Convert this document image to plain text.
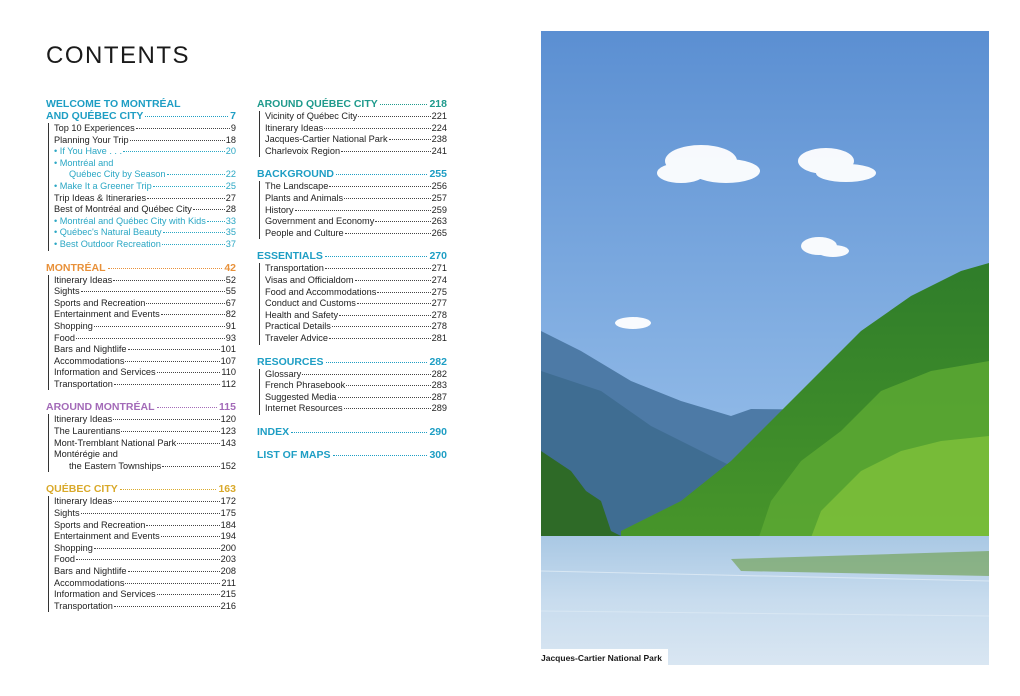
CONTENTS
WELCOME TO MONTRÉAL
AND QUÉBEC CITY	7
Top 10 Experiences	9
Planning Your Trip	18
• If You Have . . .	20
• Montréal and
Québec City by Season	22
• Make It a Greener Trip	25
Trip Ideas & Itineraries	27
Best of Montréal and Québec City	28
• Montréal and Québec City with Kids 33
• Québec's Natural Beauty	35
• Best Outdoor Recreation	37
MONTRÉAL	42
Itinerary Ideas	52
Sights	55
Sports and Recreation	67
Entertainment and Events	82
Shopping	91
Food	93
Bars and Nightlife	101
Accommodations	107
Information and Services	110
Transportation	112
AROUND MONTRÉAL	115
Itinerary Ideas	120
The Laurentians	123
Mont-Tremblant National Park	143
Montérégie and
the Eastern Townships	152
QUÉBEC CITY	163
Itinerary Ideas	172
Sights	175
Sports and Recreation	184
Entertainment and Events	194
Shopping	200
Food	203
Bars and Nightlife	208
Accommodations	211
Information and Services	215
Transportation	216
AROUND QUÉBEC CITY	218
Vicinity of Québec City	221
Itinerary Ideas	224
Jacques-Cartier National Park	238
Charlevoix Region	241
BACKGROUND	255
The Landscape	256
Plants and Animals	257
History	259
Government and Economy	263
People and Culture	265
ESSENTIALS	270
Transportation	271
Visas and Officialdom	274
Food and Accommodations	275
Conduct and Customs	277
Health and Safety	278
Practical Details	278
Traveler Advice	281
RESOURCES	282
Glossary	282
French Phrasebook	283
Suggested Media	287
Internet Resources	289
INDEX	290
LIST OF MAPS	300
Jacques-Cartier National Park
